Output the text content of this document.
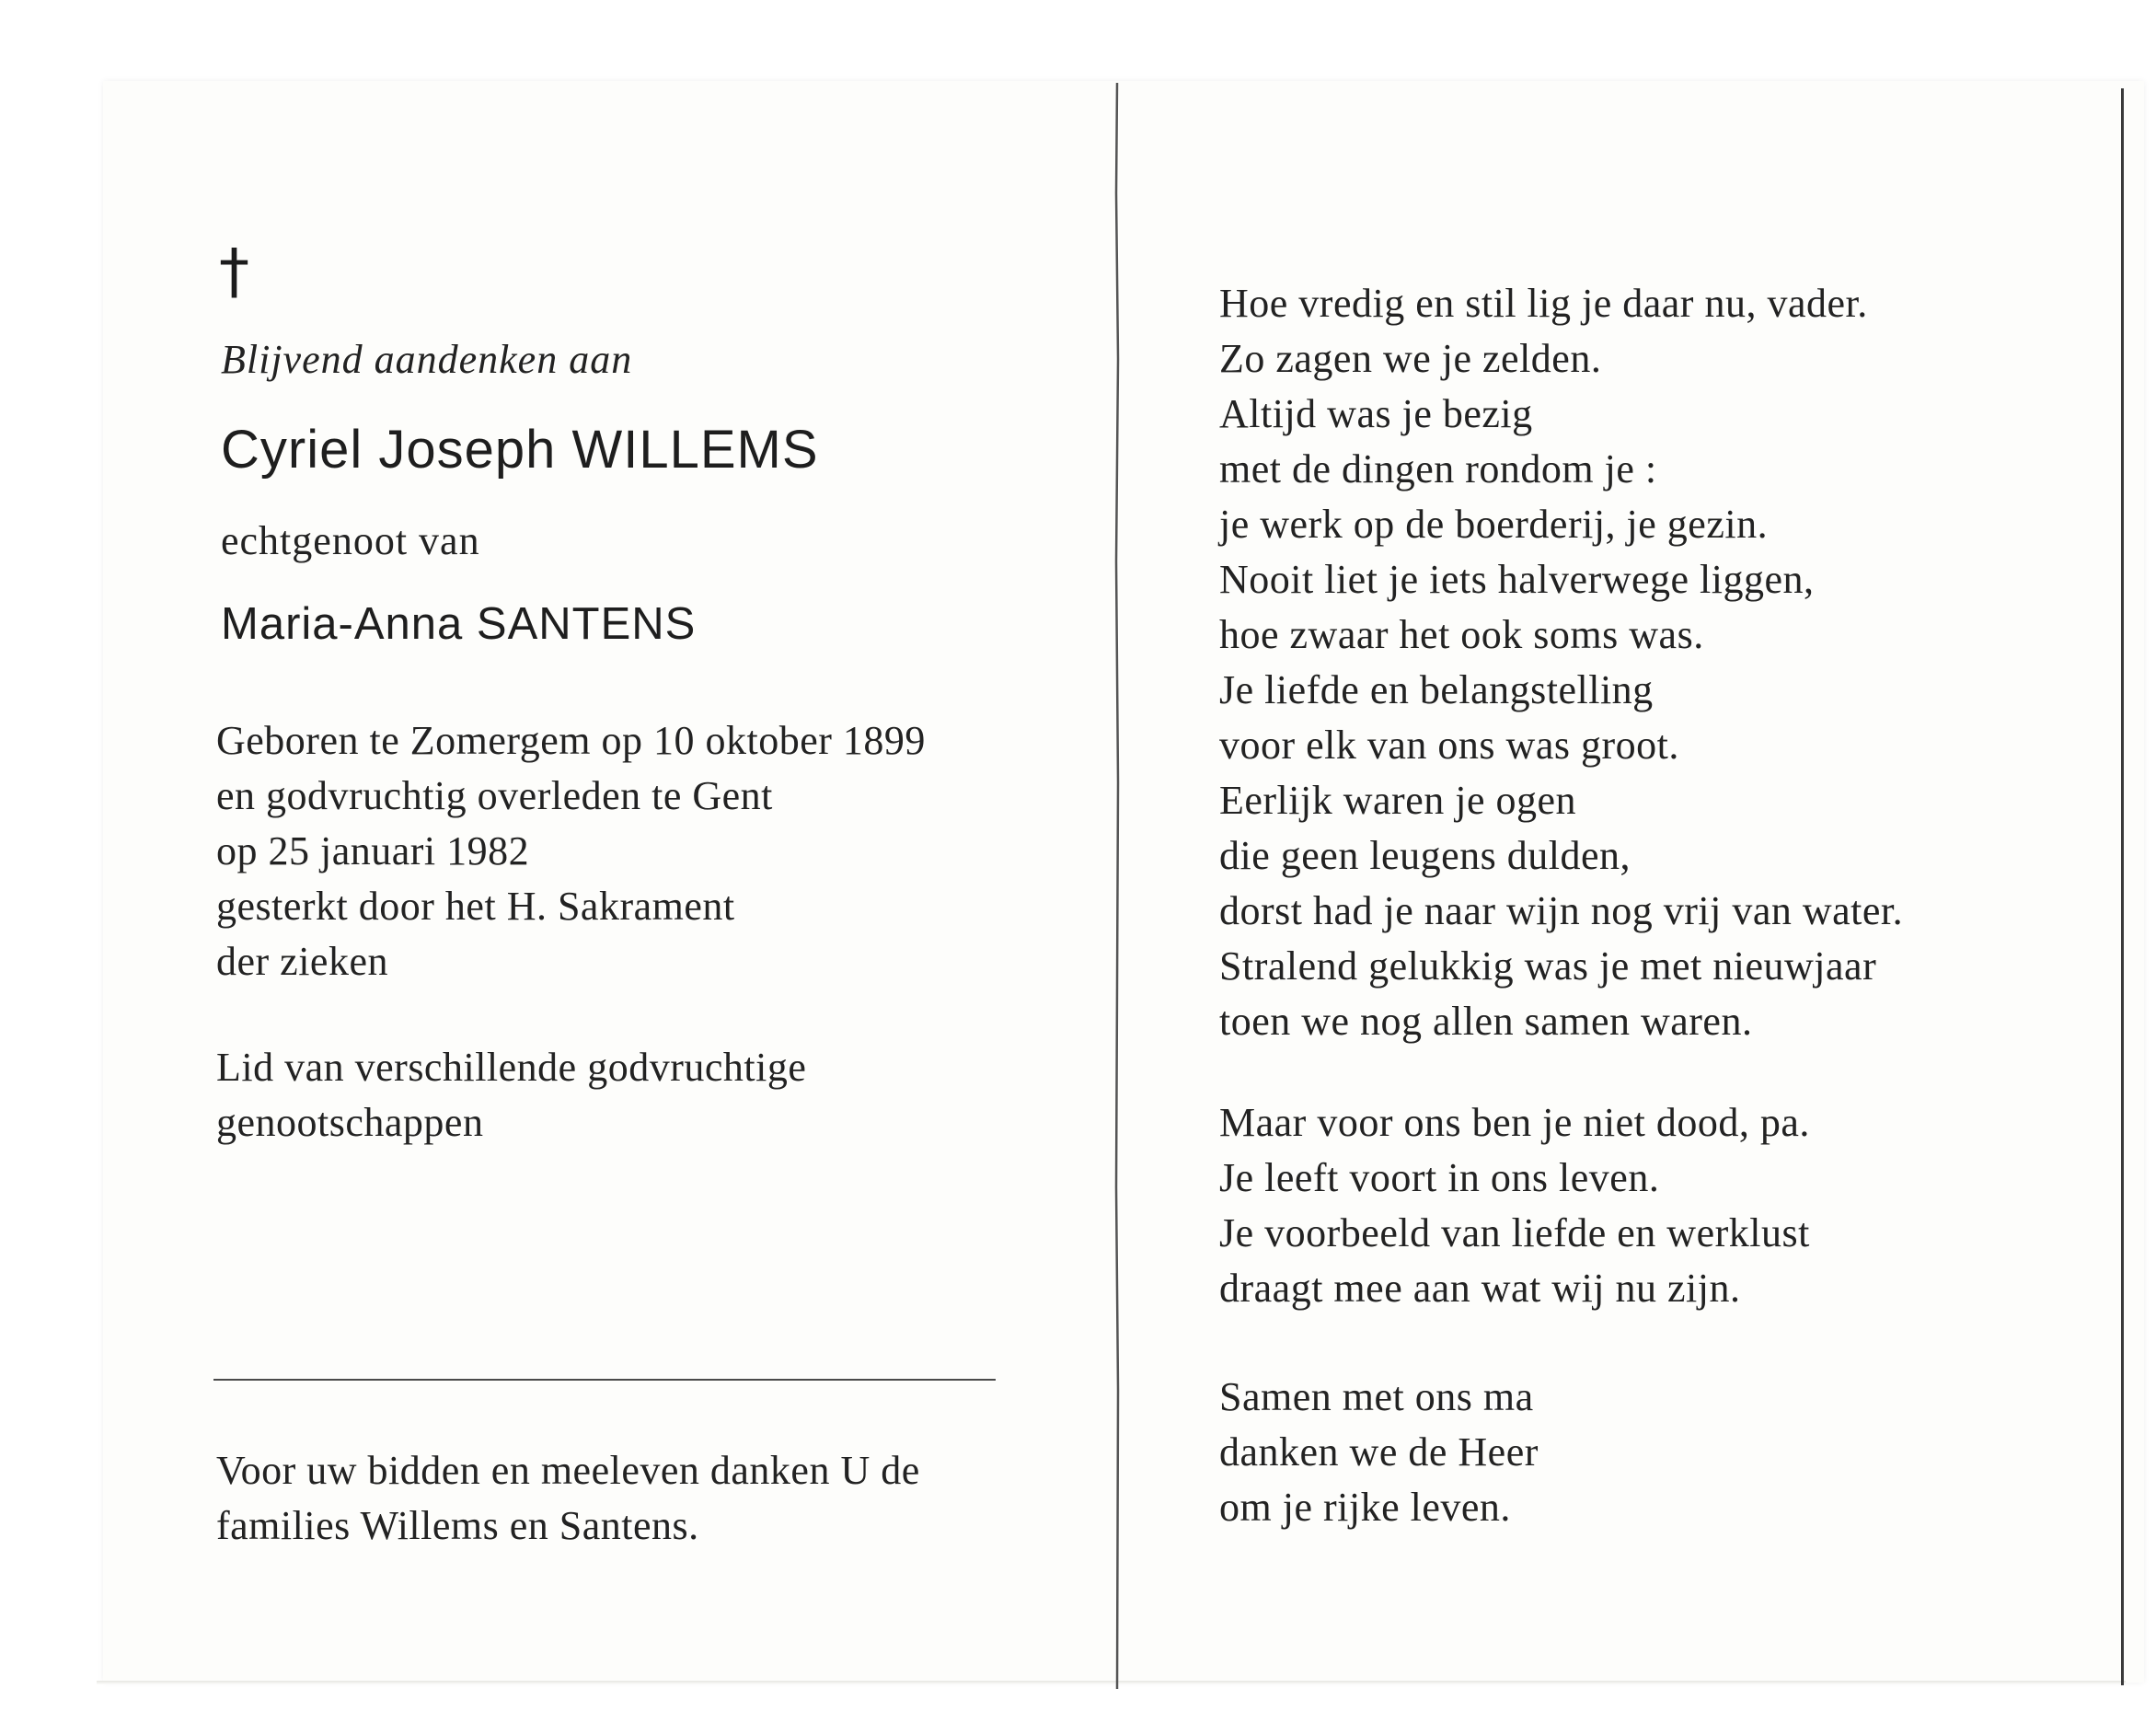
†
Blijvend aandenken aan
Cyriel Joseph WILLEMS
echtgenoot van
Maria-Anna SANTENS
Geboren te Zomergem op 10 oktober 1899
en godvruchtig overleden te Gent
op 25 januari 1982
gesterkt door het H. Sakrament
der zieken
Lid van verschillende godvruchtige
genootschappen
Voor uw bidden en meeleven danken U de
families Willems en Santens.
Hoe vredig en stil lig je daar nu, vader.
Zo zagen we je zelden.
Altijd was je bezig
met de dingen rondom je :
je werk op de boerderij, je gezin.
Nooit liet je iets halverwege liggen,
hoe zwaar het ook soms was.
Je liefde en belangstelling
voor elk van ons was groot.
Eerlijk waren je ogen
die geen leugens dulden,
dorst had je naar wijn nog vrij van water.
Stralend gelukkig was je met nieuwjaar
toen we nog allen samen waren.
Maar voor ons ben je niet dood, pa.
Je leeft voort in ons leven.
Je voorbeeld van liefde en werklust
draagt mee aan wat wij nu zijn.
Samen met ons ma
danken we de Heer
om je rijke leven.
